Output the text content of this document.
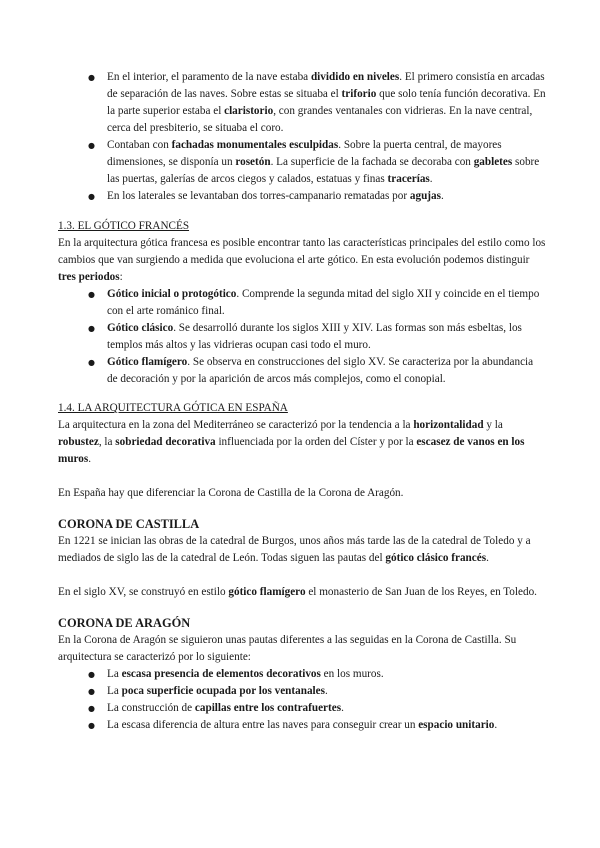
● En el interior, el paramento de la nave estaba dividido en niveles. El primero consistía en arcadas de separación de las naves. Sobre estas se situaba el triforio que solo tenía función decorativa. En la parte superior estaba el claristorio, con grandes ventanales con vidrieras. En la nave central, cerca del presbiterio, se situaba el coro.
● Contaban con fachadas monumentales esculpidas. Sobre la puerta central, de mayores dimensiones, se disponía un rosetón. La superficie de la fachada se decoraba con gabletes sobre las puertas, galerías de arcos ciegos y calados, estatuas y finas tracerías.
● En los laterales se levantaban dos torres-campanario rematadas por agujas.
1.3. EL GÓTICO FRANCÉS

En la arquitectura gótica francesa es posible encontrar tanto las características principales del estilo como los cambios que van surgiendo a medida que evoluciona el arte gótico. En esta evolución podemos distinguir tres periodos:

● Gótico inicial o protogótico. Comprende la segunda mitad del siglo XII y coincide en el tiempo con el arte románico final.
● Gótico clásico. Se desarrolló durante los siglos XIII y XIV. Las formas son más esbeltas, los templos más altos y las vidrieras ocupan casi todo el muro.
● Gótico flamígero. Se observa en construcciones del siglo XV. Se caracteriza por la abundancia de decoración y por la aparición de arcos más complejos, como el conopial.
1.4. LA ARQUITECTURA GÓTICA EN ESPAÑA

La arquitectura en la zona del Mediterráneo se caracterizó por la tendencia a la horizontalidad y la robustez, la sobriedad decorativa influenciada por la orden del Císter y por la escasez de vanos en los muros.

En España hay que diferenciar la Corona de Castilla de la Corona de Aragón.

CORONA DE CASTILLA

En 1221 se inician las obras de la catedral de Burgos, unos años más tarde las de la catedral de Toledo y a mediados de siglo las de la catedral de León. Todas siguen las pautas del gótico clásico francés.

En el siglo XV, se construyó en estilo gótico flamígero el monasterio de San Juan de los Reyes, en Toledo.

CORONA DE ARAGÓN

En la Corona de Aragón se siguieron unas pautas diferentes a las seguidas en la Corona de Castilla. Su arquitectura se caracterizó por lo siguiente:

● La escasa presencia de elementos decorativos en los muros.
● La poca superficie ocupada por los ventanales.
● La construcción de capillas entre los contrafuertes.
● La escasa diferencia de altura entre las naves para conseguir crear un espacio unitario.
